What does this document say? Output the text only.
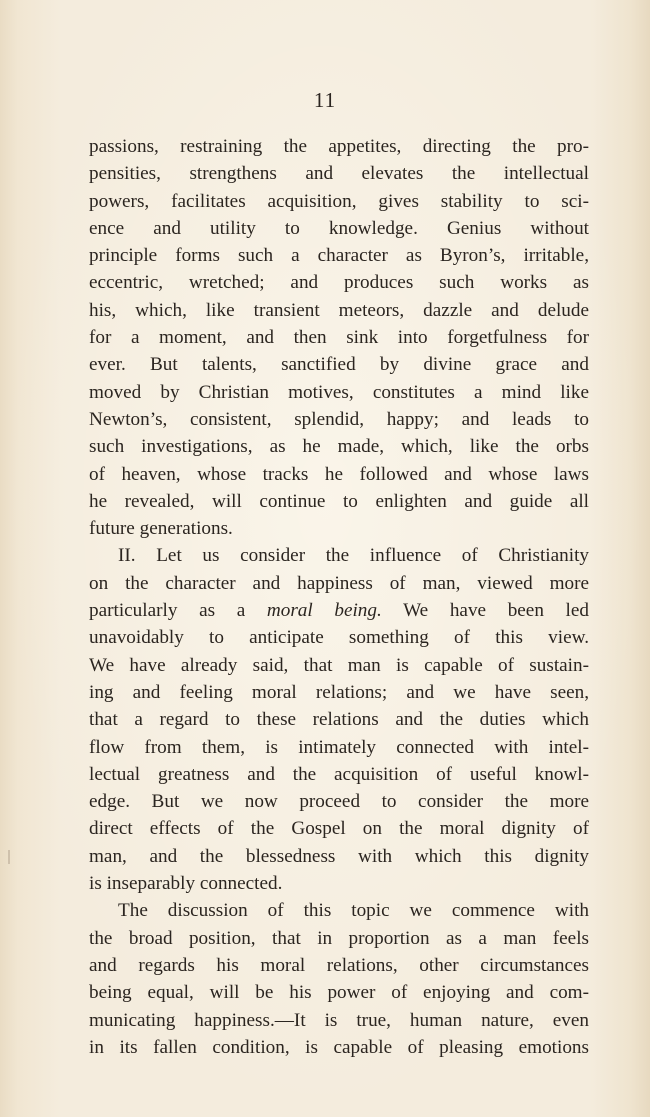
11
passions, restraining the appetites, directing the pro-
pensities, strengthens and elevates the intellectual
powers, facilitates acquisition, gives stability to sci-
ence and utility to knowledge. Genius without
principle forms such a character as Byron’s, irritable,
eccentric, wretched; and produces such works as
his, which, like transient meteors, dazzle and delude
for a moment, and then sink into forgetfulness for
ever. But talents, sanctified by divine grace and
moved by Christian motives, constitutes a mind like
Newton’s, consistent, splendid, happy; and leads to
such investigations, as he made, which, like the orbs
of heaven, whose tracks he followed and whose laws
he revealed, will continue to enlighten and guide all
future generations.
II. Let us consider the influence of Christianity
on the character and happiness of man, viewed more
particularly as a moral being. We have been led
unavoidably to anticipate something of this view.
We have already said, that man is capable of sustain-
ing and feeling moral relations; and we have seen,
that a regard to these relations and the duties which
flow from them, is intimately connected with intel-
lectual greatness and the acquisition of useful knowl-
edge. But we now proceed to consider the more
direct effects of the Gospel on the moral dignity of
man, and the blessedness with which this dignity
is inseparably connected.
The discussion of this topic we commence with
the broad position, that in proportion as a man feels
and regards his moral relations, other circumstances
being equal, will be his power of enjoying and com-
municating happiness.—It is true, human nature, even
in its fallen condition, is capable of pleasing emotions
